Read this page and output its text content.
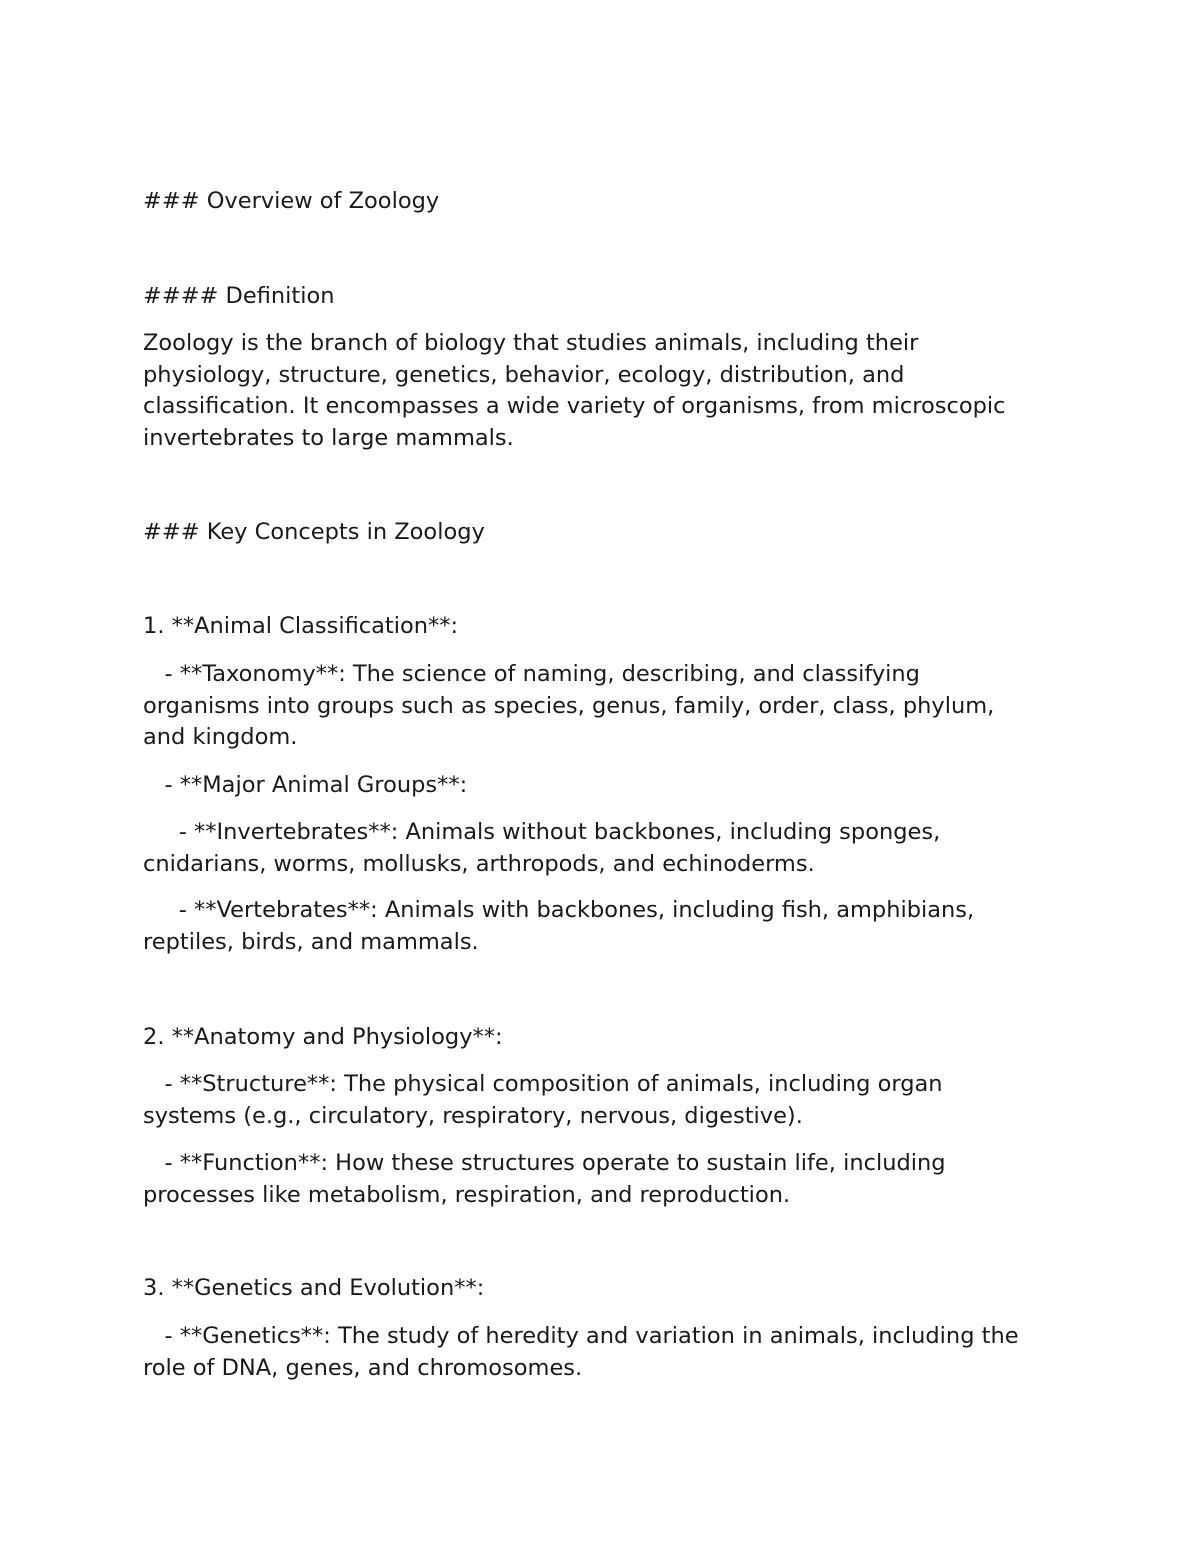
### Overview of Zoology

#### Definition

Zoology is the branch of biology that studies animals, including their
physiology, structure, genetics, behavior, ecology, distribution, and
classification. It encompasses a wide variety of organisms, from microscopic
invertebrates to large mammals.

### Key Concepts in Zoology

1. **Animal Classification**:

- **Taxonomy**: The science of naming, describing, and classifying
organisms into groups such as species, genus, family, order, class, phylum,
and kingdom.

- **Major Animal Groups**:

- **Invertebrates**: Animals without backbones, including sponges,
cnidarians, worms, mollusks, arthropods, and echinoderms.

- **Vertebrates**: Animals with backbones, including fish, amphibians,
reptiles, birds, and mammals.

2. **Anatomy and Physiology**:

- **Structure**: The physical composition of animals, including organ
systems (e.g., circulatory, respiratory, nervous, digestive).

- **Function**: How these structures operate to sustain life, including
processes like metabolism, respiration, and reproduction.

3. **Genetics and Evolution**:

- **Genetics**: The study of heredity and variation in animals, including the
role of DNA, genes, and chromosomes.
